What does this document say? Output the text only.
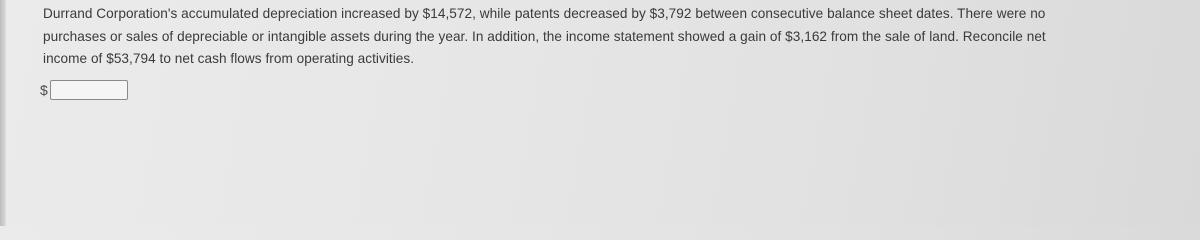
Durrand Corporation's accumulated depreciation increased by $14,572, while patents decreased by $3,792 between consecutive balance sheet dates. There were no

purchases or sales of depreciable or intangible assets during the year. In addition, the income statement showed a gain of $3,162 from the sale of land. Reconcile net

income of $53,794 to net cash flows from operating activities.

$
